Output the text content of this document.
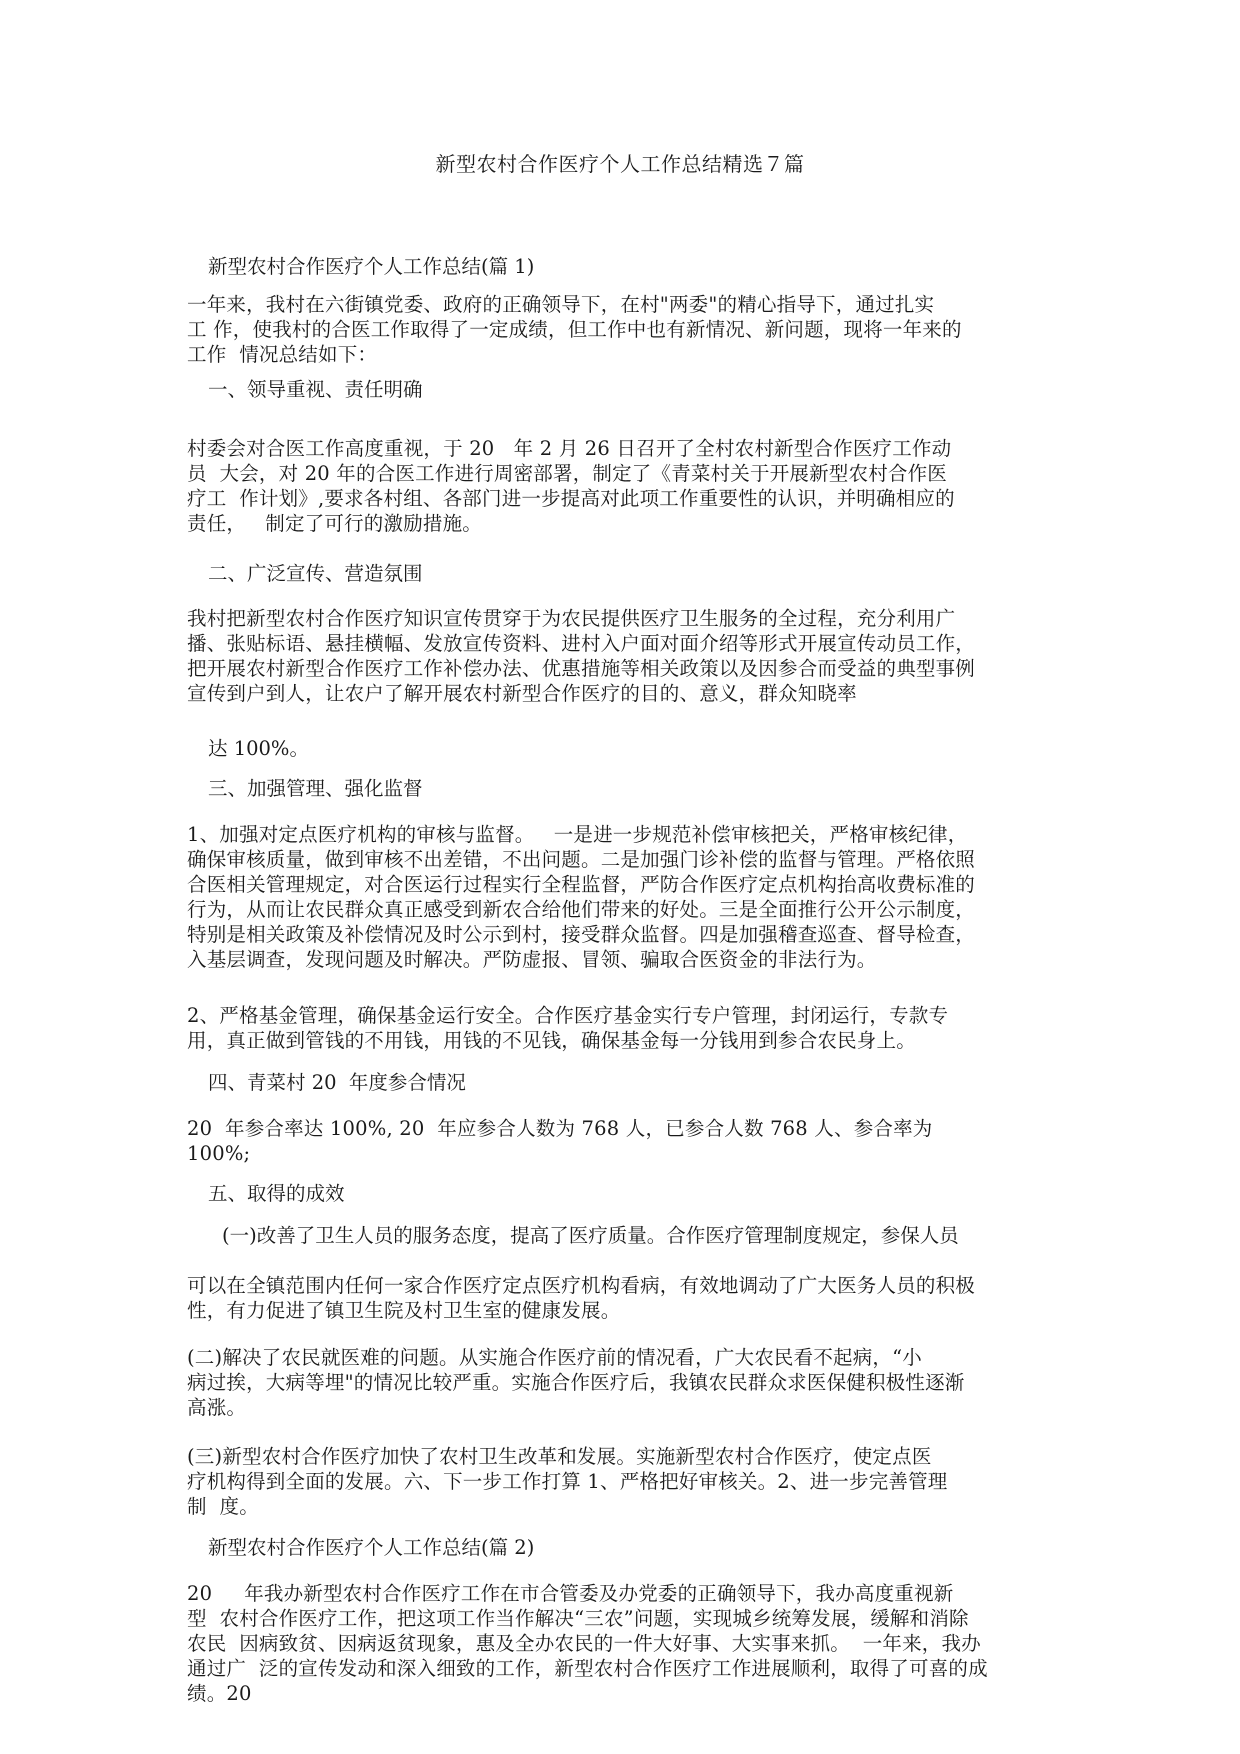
新型农村合作医疗个人工作总结精选７篇
新型农村合作医疗个人工作总结(篇 1)
一年来，我村在六街镇党委、政府的正确领导下，在村"两委"的精心指导下，通过扎实
工 作，使我村的合医工作取得了一定成绩，但工作中也有新情况、新问题，现将一年来的
工作  情况总结如下：
一、领导重视、责任明确
村委会对合医工作高度重视，于 20   年 2 月 26 日召开了全村农村新型合作医疗工作动
员  大会，对 20 年的合医工作进行周密部署，制定了《青菜村关于开展新型农村合作医
疗工  作计划》,要求各村组、各部门进一步提高对此项工作重要性的认识，并明确相应的
责任，   制定了可行的激励措施。
二、广泛宣传、营造氛围
我村把新型农村合作医疗知识宣传贯穿于为农民提供医疗卫生服务的全过程，充分利用广
播、张贴标语、悬挂横幅、发放宣传资料、进村入户面对面介绍等形式开展宣传动员工作，
把开展农村新型合作医疗工作补偿办法、优惠措施等相关政策以及因参合而受益的典型事例
宣传到户到人，让农户了解开展农村新型合作医疗的目的、意义，群众知晓率
达 100%。
三、加强管理、强化监督
1、加强对定点医疗机构的审核与监督。   一是进一步规范补偿审核把关，严格审核纪律，
确保审核质量，做到审核不出差错，不出问题。二是加强门诊补偿的监督与管理。严格依照
合医相关管理规定，对合医运行过程实行全程监督，严防合作医疗定点机构抬高收费标准的
行为，从而让农民群众真正感受到新农合给他们带来的好处。三是全面推行公开公示制度，
特别是相关政策及补偿情况及时公示到村，接受群众监督。四是加强稽查巡查、督导检查，
入基层调查，发现问题及时解决。严防虚报、冒领、骗取合医资金的非法行为。
2、严格基金管理，确保基金运行安全。合作医疗基金实行专户管理，封闭运行，专款专
用，真正做到管钱的不用钱，用钱的不见钱，确保基金每一分钱用到参合农民身上。
四、青菜村 20  年度参合情况
20  年参合率达 100%, 20  年应参合人数为 768 人，已参合人数 768 人、参合率为
100%;
五、取得的成效
(一)改善了卫生人员的服务态度，提高了医疗质量。合作医疗管理制度规定，参保人员
可以在全镇范围内任何一家合作医疗定点医疗机构看病，有效地调动了广大医务人员的积极
性，有力促进了镇卫生院及村卫生室的健康发展。
(二)解决了农民就医难的问题。从实施合作医疗前的情况看，广大农民看不起病，“小
病过挨，大病等埋"的情况比较严重。实施合作医疗后，我镇农民群众求医保健积极性逐渐
高涨。
(三)新型农村合作医疗加快了农村卫生改革和发展。实施新型农村合作医疗，使定点医
疗机构得到全面的发展。六、下一步工作打算 1、严格把好审核关。2、进一步完善管理
制  度。
新型农村合作医疗个人工作总结(篇 2)
20     年我办新型农村合作医疗工作在市合管委及办党委的正确领导下，我办高度重视新
型  农村合作医疗工作，把这项工作当作解决“三农”问题，实现城乡统筹发展，缓解和消除
农民  因病致贫、因病返贫现象，惠及全办农民的一件大好事、大实事来抓。  一年来，我办
通过广  泛的宣传发动和深入细致的工作，新型农村合作医疗工作进展顺利，取得了可喜的成
绩。20
